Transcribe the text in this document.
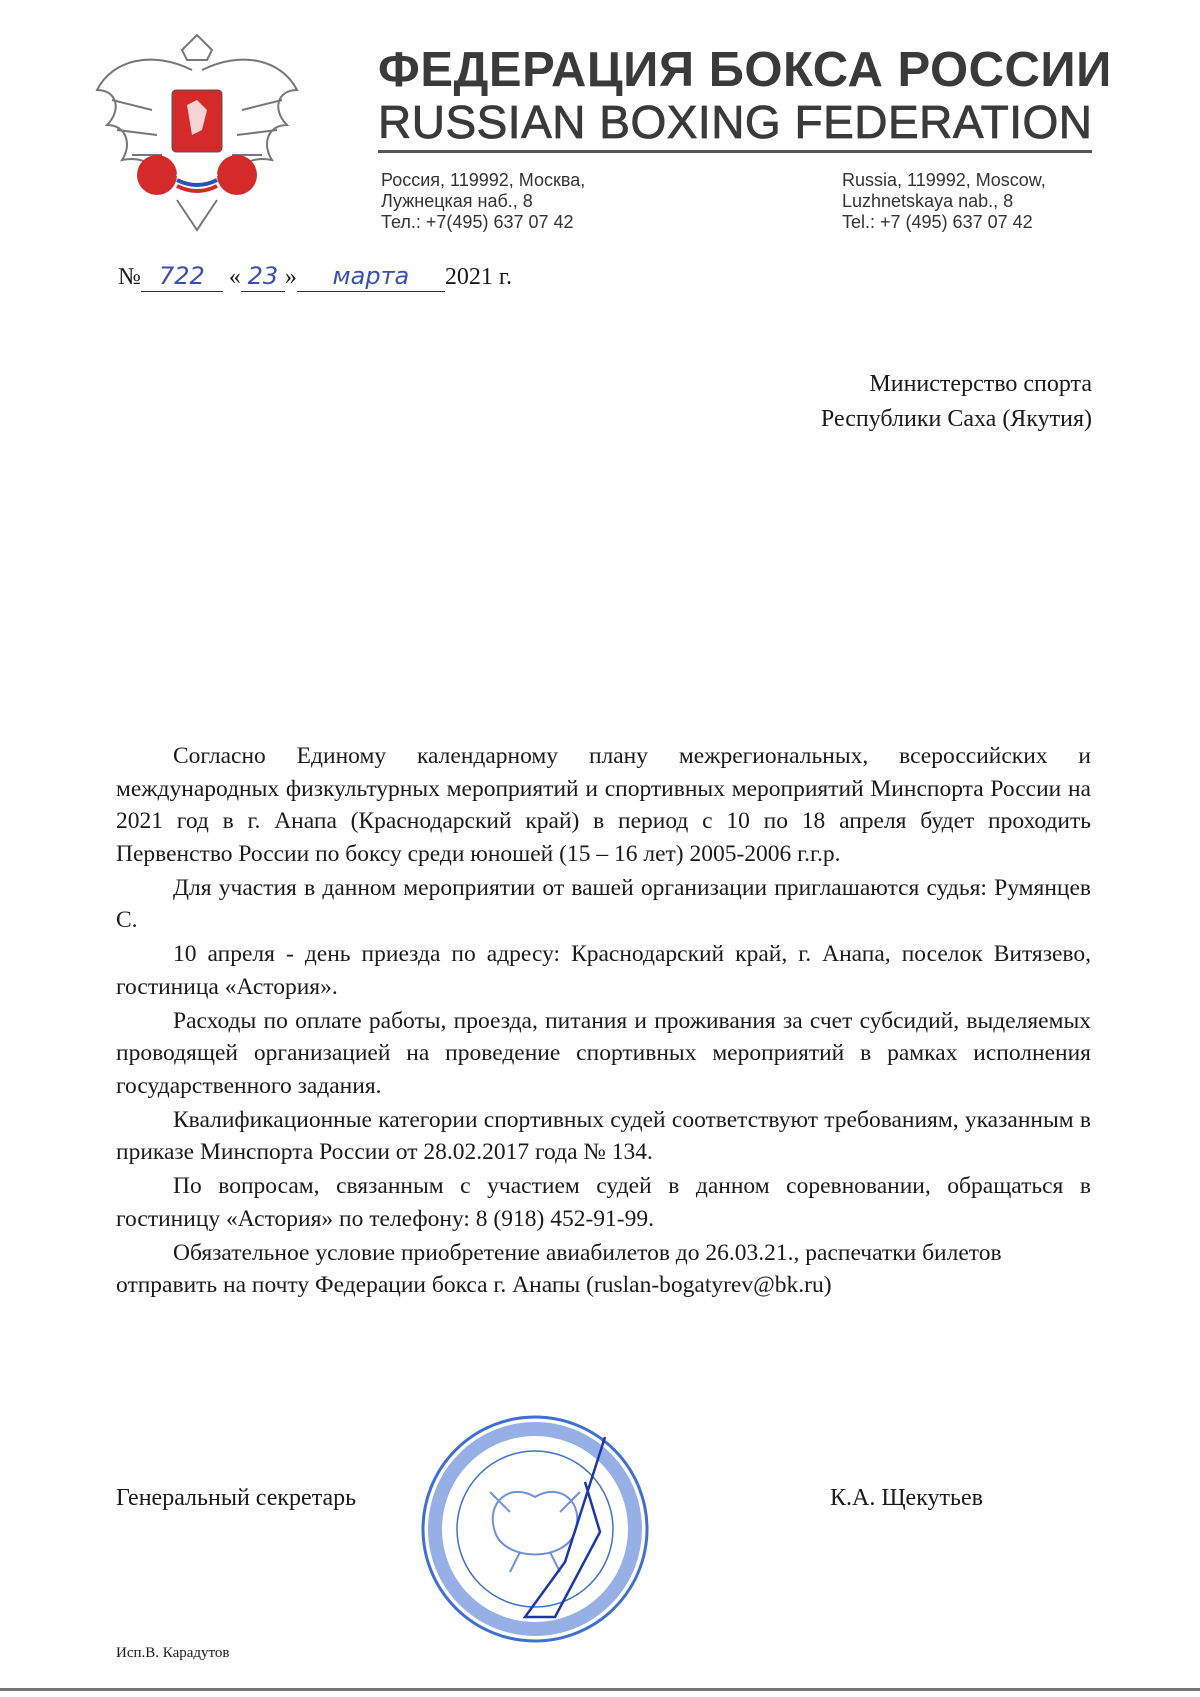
ФЕДЕРАЦИЯ БОКСА РОССИИ
RUSSIAN BOXING FEDERATION
Россия, 119992, Москва,
Лужнецкая наб., 8
Тел.: +7(495) 637 07 42
Russia, 119992, Moscow,
Luzhnetskaya nab., 8
Tel.: +7 (495) 637 07 42
№ 722 « 23 » марта 2021 г.
Министерство спорта
Республики Саха (Якутия)

Согласно Единому календарному плану межрегиональных, всероссийских и международных физкультурных мероприятий и спортивных мероприятий Минспорта России на 2021 год в г. Анапа (Краснодарский край) в период с 10 по 18 апреля будет проходить Первенство России по боксу среди юношей (15 – 16 лет) 2005-2006 г.г.р.

Для участия в данном мероприятии от вашей организации приглашаются судья: Румянцев С.

10 апреля - день приезда по адресу: Краснодарский край, г. Анапа, поселок Витязево, гостиница «Астория».

Расходы по оплате работы, проезда, питания и проживания за счет субсидий, выделяемых проводящей организацией на проведение спортивных мероприятий в рамках исполнения государственного задания.

Квалификационные категории спортивных судей соответствуют требованиям, указанным в приказе Минспорта России от 28.02.2017 года № 134.

По вопросам, связанным с участием судей в данном соревновании, обращаться в гостиницу «Астория» по телефону: 8 (918) 452-91-99.

Обязательное условие приобретение авиабилетов до 26.03.21., распечатки билетов отправить на почту Федерации бокса г. Анапы (ruslan-bogatyrev@bk.ru)

Генеральный секретарь	К.А. Щекутьев
Исп.В. Карадутов
